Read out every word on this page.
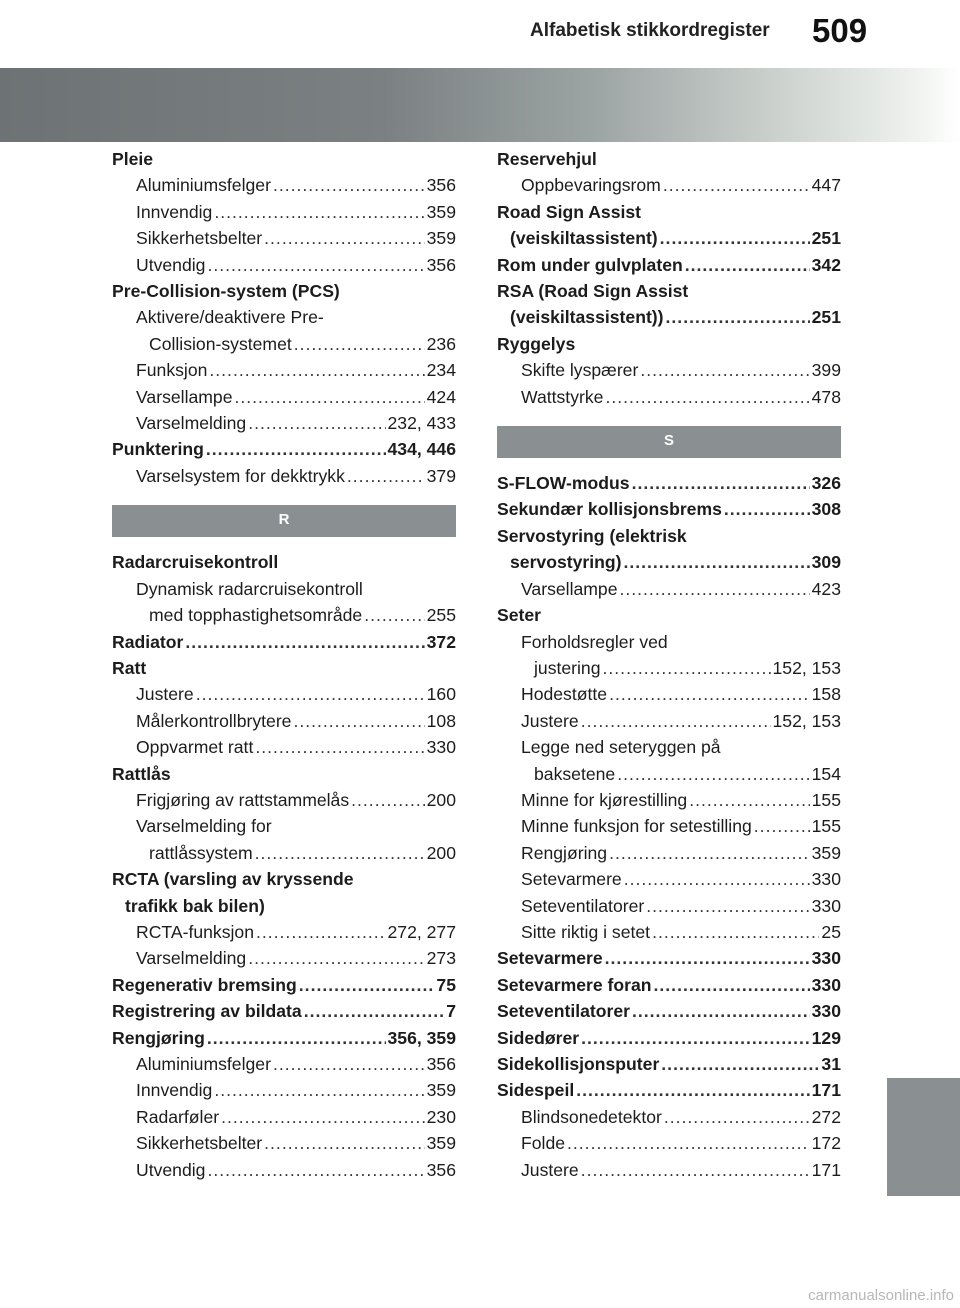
Alfabetisk stikkordregister 509
Pleie
Aluminiumsfelger .....	356
Innvendig .....	359
Sikkerhetsbelter .....	359
Utvendig .....	356
Pre-Collision-system (PCS)
Aktivere/deaktivere Pre-
Collision-systemet .....	236
Funksjon .....	234
Varsellampe .....	424
Varselmelding .....	232, 433
Punktering .....	434, 446
Varselsystem for dekktrykk .....	379
R
Radarcruisekontroll
Dynamisk radarcruisekontroll
med topphastighetsområde .....	255
Radiator .....	372
Ratt
Justere .....	160
Målerkontrollbrytere .....	108
Oppvarmet ratt .....	330
Rattlås
Frigjøring av rattstammelås .....	200
Varselmelding for
rattlåssystem .....	200
RCTA (varsling av kryssende
trafikk bak bilen)
RCTA-funksjon .....	272, 277
Varselmelding .....	273
Regenerativ bremsing .....	75
Registrering av bildata .....	7
Rengjøring .....	356, 359
Aluminiumsfelger .....	356
Innvendig .....	359
Radarføler .....	230
Sikkerhetsbelter .....	359
Utvendig .....	356
Reservehjul
Oppbevaringsrom .....	447
Road Sign Assist
(veiskiltassistent) .....	251
Rom under gulvplaten .....	342
RSA (Road Sign Assist
(veiskiltassistent)) .....	251
Ryggelys
Skifte lyspærer .....	399
Wattstyrke .....	478
S
S-FLOW-modus .....	326
Sekundær kollisjonsbrems .....	308
Servostyring (elektrisk
servostyring) .....	309
Varsellampe .....	423
Seter
Forholdsregler ved
justering .....	152, 153
Hodestøtte .....	158
Justere .....	152, 153
Legge ned seteryggen på
baksetene .....	154
Minne for kjørestilling .....	155
Minne funksjon for setestilling .....	155
Rengjøring .....	359
Setevarmere .....	330
Seteventilatorer .....	330
Sitte riktig i setet .....	25
Setevarmere .....	330
Setevarmere foran .....	330
Seteventilatorer .....	330
Sidedører .....	129
Sidekollisjonsputer .....	31
Sidespeil .....	171
Blindsonedetektor .....	272
Folde .....	172
Justere .....	171
carmanualsonline.info
